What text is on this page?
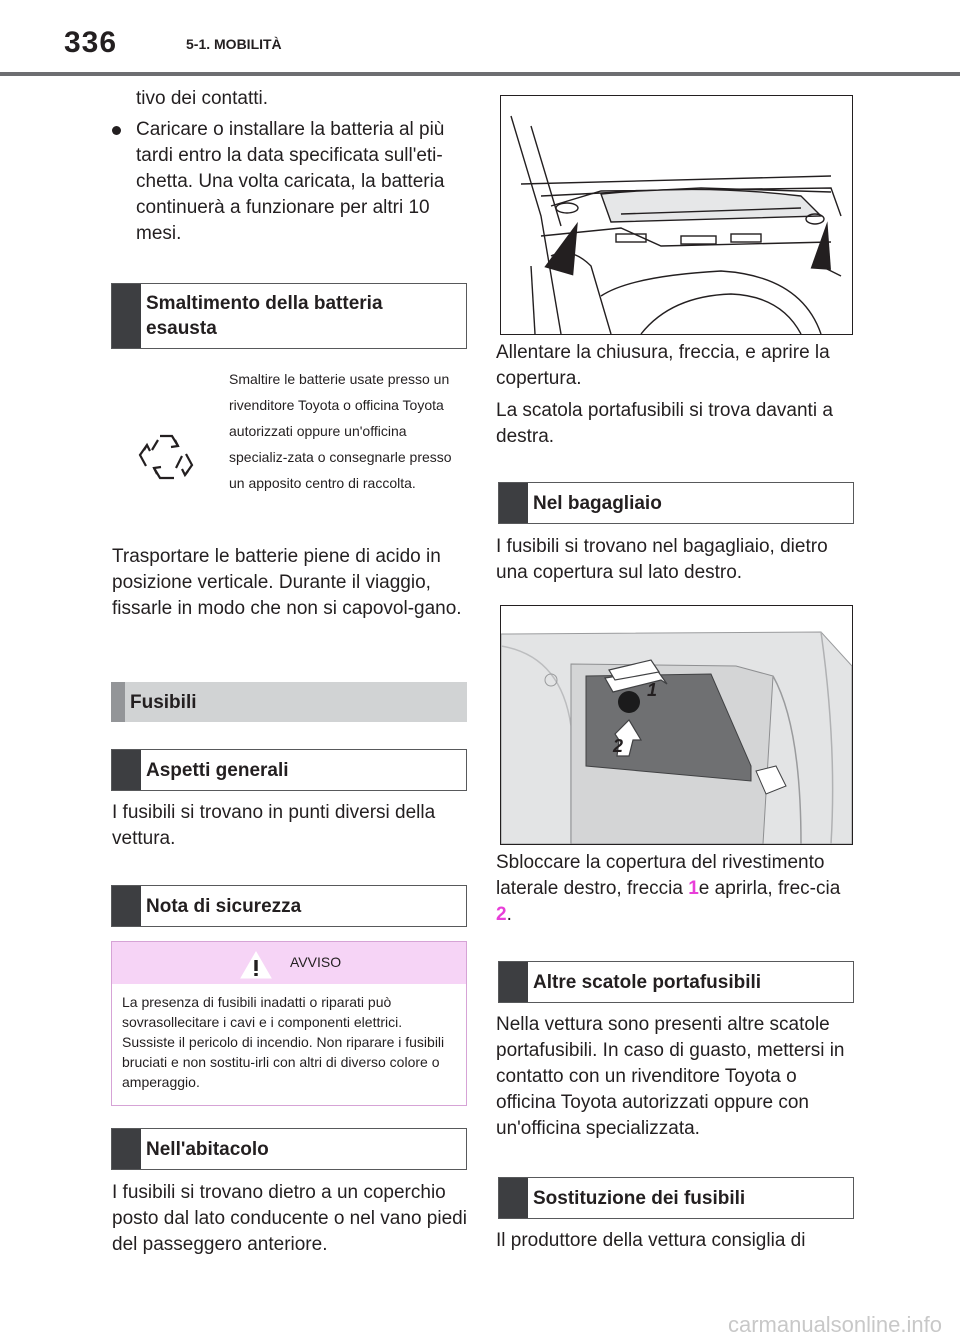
336	5-1. MOBILITÀ
tivo dei contatti.
Caricare o installare la batteria al più tardi entro la data specificata sull'eti-chetta. Una volta caricata, la batteria continuerà a funzionare per altri 10 mesi.
Smaltimento della batteria esausta
Smaltire le batterie usate presso un rivenditore Toyota o officina Toyota autorizzati oppure un'officina specializ-zata o consegnarle presso un apposito centro di raccolta.
Trasportare le batterie piene di acido in posizione verticale. Durante il viaggio, fissarle in modo che non si capovol-gano.
Fusibili
Aspetti generali
I fusibili si trovano in punti diversi della vettura.
Nota di sicurezza
AVVISO
La presenza di fusibili inadatti o riparati può sovrasollecitare i cavi e i componenti elettrici. Sussiste il pericolo di incendio. Non riparare i fusibili bruciati e non sostitu-irli con altri di diverso colore o amperaggio.
Nell'abitacolo
I fusibili si trovano dietro a un coperchio posto dal lato conducente o nel vano piedi del passeggero anteriore.
Allentare la chiusura, freccia, e aprire la copertura.
La scatola portafusibili si trova davanti a destra.
Nel bagagliaio
I fusibili si trovano nel bagagliaio, dietro una copertura sul lato destro.
1
2
Sbloccare la copertura del rivestimento laterale destro, freccia 1e aprirla, frec-cia 2.
Altre scatole portafusibili
Nella vettura sono presenti altre scatole portafusibili. In caso di guasto, mettersi in contatto con un rivenditore Toyota o officina Toyota autorizzati oppure con un'officina specializzata.
Sostituzione dei fusibili
Il produttore della vettura consiglia di
carmanualsonline.info
